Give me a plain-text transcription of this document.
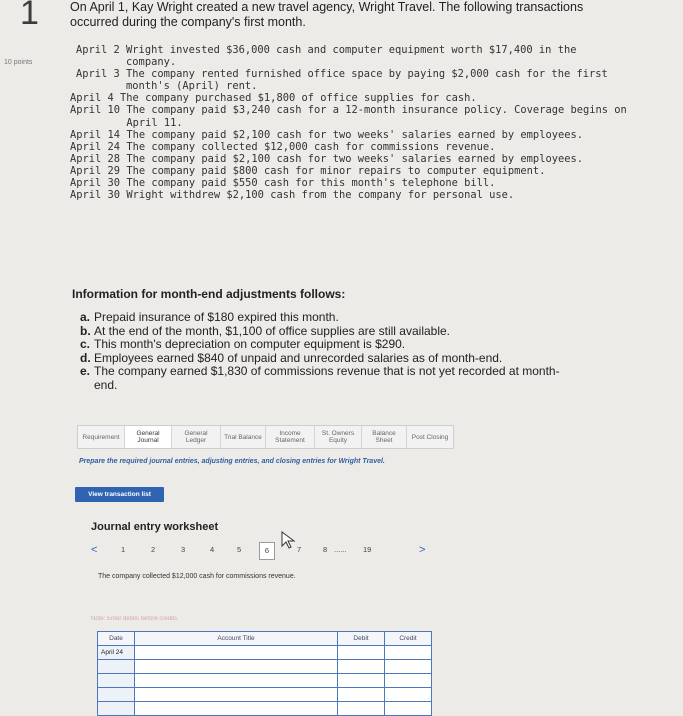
1
10 points
On April 1, Kay Wright created a new travel agency, Wright Travel. The following transactions occurred during the company's first month.
April 2 Wright invested $36,000 cash and computer equipment worth $17,400 in the company.
April 3 The company rented furnished office space by paying $2,000 cash for the first month's (April) rent.
April 4 The company purchased $1,800 of office supplies for cash.
April 10 The company paid $3,240 cash for a 12-month insurance policy. Coverage begins on April 11.
April 14 The company paid $2,100 cash for two weeks' salaries earned by employees.
April 24 The company collected $12,000 cash for commissions revenue.
April 28 The company paid $2,100 cash for two weeks' salaries earned by employees.
April 29 The company paid $800 cash for minor repairs to computer equipment.
April 30 The company paid $550 cash for this month's telephone bill.
April 30 Wright withdrew $2,100 cash from the company for personal use.
Information for month-end adjustments follows:
a. Prepaid insurance of $180 expired this month.
b. At the end of the month, $1,100 of office supplies are still available.
c. This month's depreciation on computer equipment is $290.
d. Employees earned $840 of unpaid and unrecorded salaries as of month-end.
e. The company earned $1,830 of commissions revenue that is not yet recorded at month-end.
Requirement	General Journal
General Ledger	Trial Balance	Income Statement
St. Owners Equity
Balance Sheet	Post Closing
Prepare the required journal entries, adjusting entries, and closing entries for Wright Travel.
View transaction list
Journal entry worksheet
<	1	2	3	4	5	6	7	8 ...... 19	>
The company collected $12,000 cash for commissions revenue.
Note: Enter debits before credits.
Date	Account Title	Debit	Credit
April 24			
